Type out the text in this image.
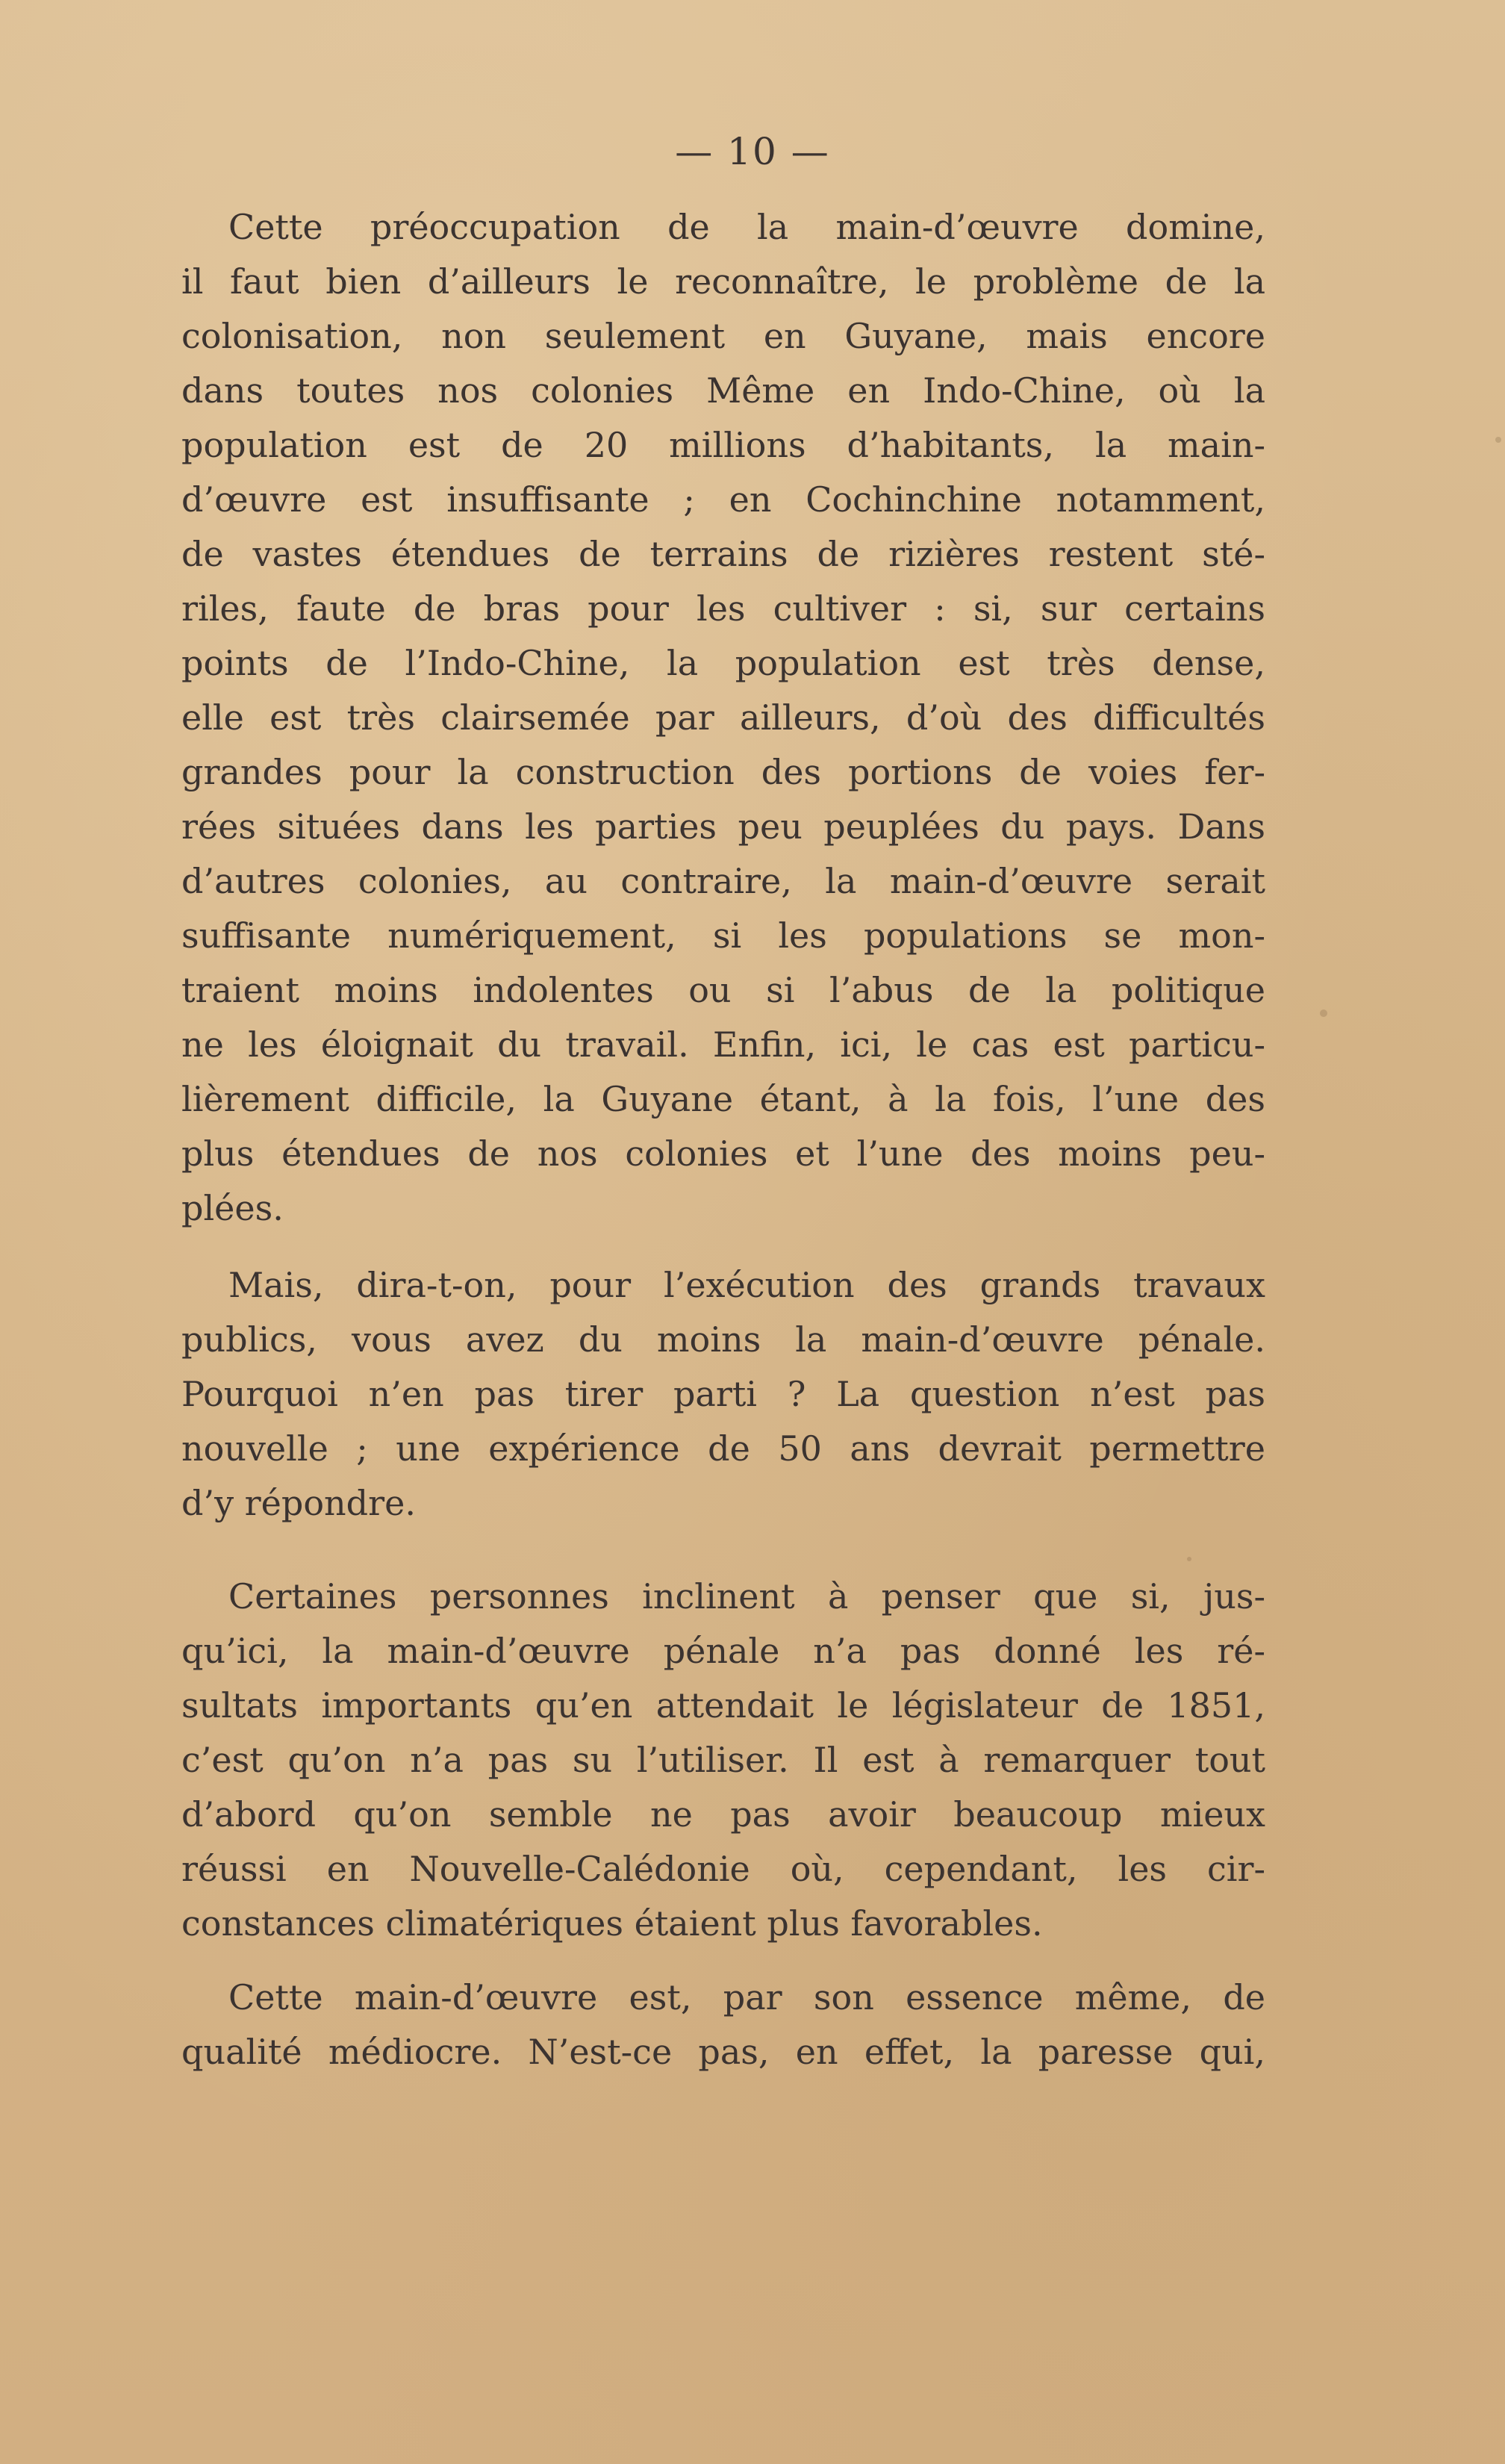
— 10 —

Cette préoccupation de la main-d’œuvre domine,
il faut bien d’ailleurs le reconnaître, le problème de la
colonisation, non seulement en Guyane, mais encore
dans toutes nos colonies Même en Indo-Chine, où la
population est de 20 millions d’habitants, la main-
d’œuvre est insuffisante ; en Cochinchine notamment,
de vastes étendues de terrains de rizières restent sté-
riles, faute de bras pour les cultiver : si, sur certains
points de l’Indo-Chine, la population est très dense,
elle est très clairsemée par ailleurs, d’où des difficultés
grandes pour la construction des portions de voies fer-
rées situées dans les parties peu peuplées du pays. Dans
d’autres colonies, au contraire, la main-d’œuvre serait
suffisante numériquement, si les populations se mon-
traient moins indolentes ou si l’abus de la politique
ne les éloignait du travail. Enfin, ici, le cas est particu-
lièrement difficile, la Guyane étant, à la fois, l’une des
plus étendues de nos colonies et l’une des moins peu-
plées.

Mais, dira-t-on, pour l’exécution des grands travaux
publics, vous avez du moins la main-d’œuvre pénale.
Pourquoi n’en pas tirer parti ? La question n’est pas
nouvelle ; une expérience de 50 ans devrait permettre
d’y répondre.

Certaines personnes inclinent à penser que si, jus-
qu’ici, la main-d’œuvre pénale n’a pas donné les ré-
sultats importants qu’en attendait le législateur de 1851,
c’est qu’on n’a pas su l’utiliser. Il est à remarquer tout
d’abord qu’on semble ne pas avoir beaucoup mieux
réussi en Nouvelle-Calédonie où, cependant, les cir-
constances climatériques étaient plus favorables.

Cette main-d’œuvre est, par son essence même, de
qualité médiocre. N’est-ce pas, en effet, la paresse qui,
